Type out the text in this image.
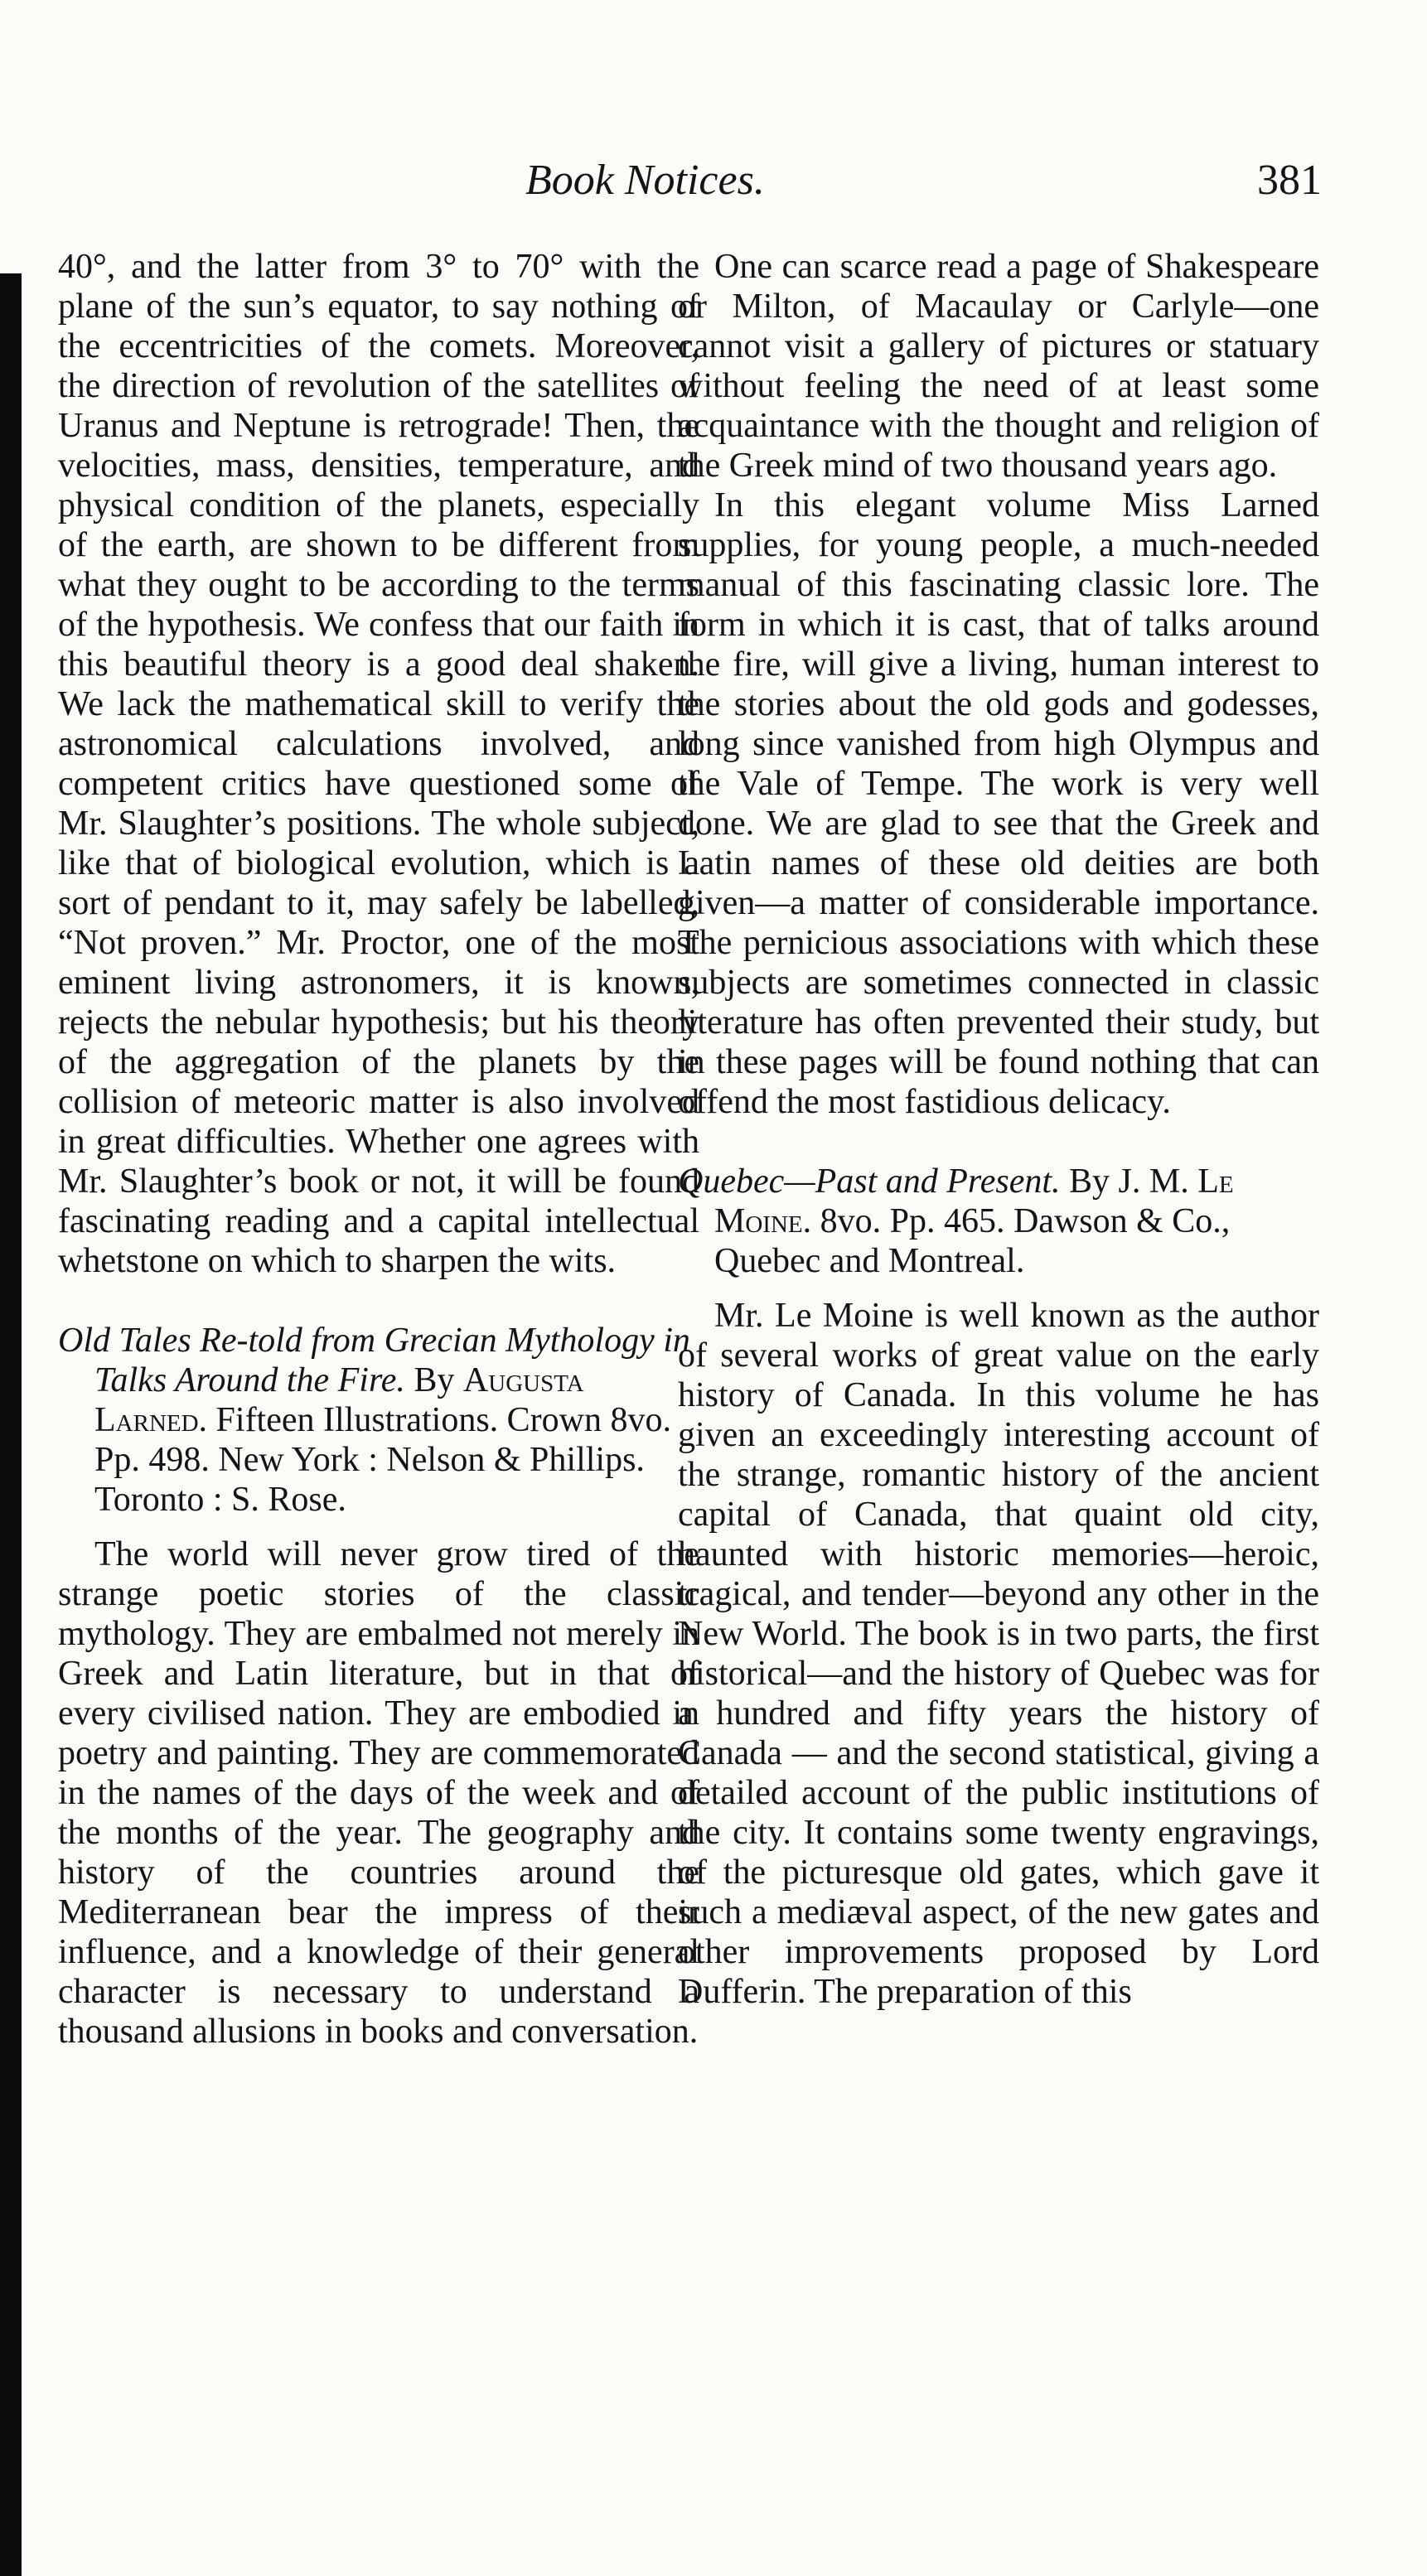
Book Notices.	381

40°, and the latter from 3° to 70° with the plane of the sun’s equator, to say nothing of the eccentricities of the comets. Moreover, the direction of revolution of the satellites of Uranus and Neptune is retrograde! Then, the velocities, mass, densities, temperature, and physical condition of the planets, especially of the earth, are shown to be different from what they ought to be according to the terms of the hypothesis. We confess that our faith in this beautiful theory is a good deal shaken. We lack the mathematical skill to verify the astronomical calculations involved, and competent critics have questioned some of Mr. Slaughter’s positions. The whole subject, like that of biological evolution, which is a sort of pendant to it, may safely be labelled, “Not proven.” Mr. Proctor, one of the most eminent living astronomers, it is known, rejects the nebular hypothesis; but his theory of the aggregation of the planets by the collision of meteoric matter is also involved in great difficulties. Whether one agrees with Mr. Slaughter’s book or not, it will be found fascinating reading and a capital intellectual whetstone on which to sharpen the wits.

Old Tales Re-told from Grecian Mythology in Talks Around the Fire. By Augusta Larned. Fifteen Illustrations. Crown 8vo. Pp. 498. New York : Nelson & Phillips. Toronto : S. Rose.

The world will never grow tired of the strange poetic stories of the classic mythology. They are embalmed not merely in Greek and Latin literature, but in that of every civilised nation. They are embodied in poetry and painting. They are commemorated in the names of the days of the week and of the months of the year. The geography and history of the countries around the Mediterranean bear the impress of their influence, and a knowledge of their general character is necessary to understand a thousand allusions in books and conversation.

One can scarce read a page of Shakespeare or Milton, of Macaulay or Carlyle—one cannot visit a gallery of pictures or statuary without feeling the need of at least some acquaintance with the thought and religion of the Greek mind of two thousand years ago.

In this elegant volume Miss Larned supplies, for young people, a much-needed manual of this fascinating classic lore. The form in which it is cast, that of talks around the fire, will give a living, human interest to the stories about the old gods and godesses, long since vanished from high Olympus and the Vale of Tempe. The work is very well done. We are glad to see that the Greek and Latin names of these old deities are both given—a matter of considerable importance. The pernicious associations with which these subjects are sometimes connected in classic literature has often prevented their study, but in these pages will be found nothing that can offend the most fastidious delicacy.

Quebec—Past and Present. By J. M. Le Moine. 8vo. Pp. 465. Dawson & Co., Quebec and Montreal.

Mr. Le Moine is well known as the author of several works of great value on the early history of Canada. In this volume he has given an exceedingly interesting account of the strange, romantic history of the ancient capital of Canada, that quaint old city, haunted with historic memories—heroic, tragical, and tender—beyond any other in the New World. The book is in two parts, the first historical—and the history of Quebec was for a hundred and fifty years the history of Canada — and the second statistical, giving a detailed account of the public institutions of the city. It contains some twenty engravings, of the picturesque old gates, which gave it such a mediæval aspect, of the new gates and other improvements proposed by Lord Dufferin. The preparation of this
